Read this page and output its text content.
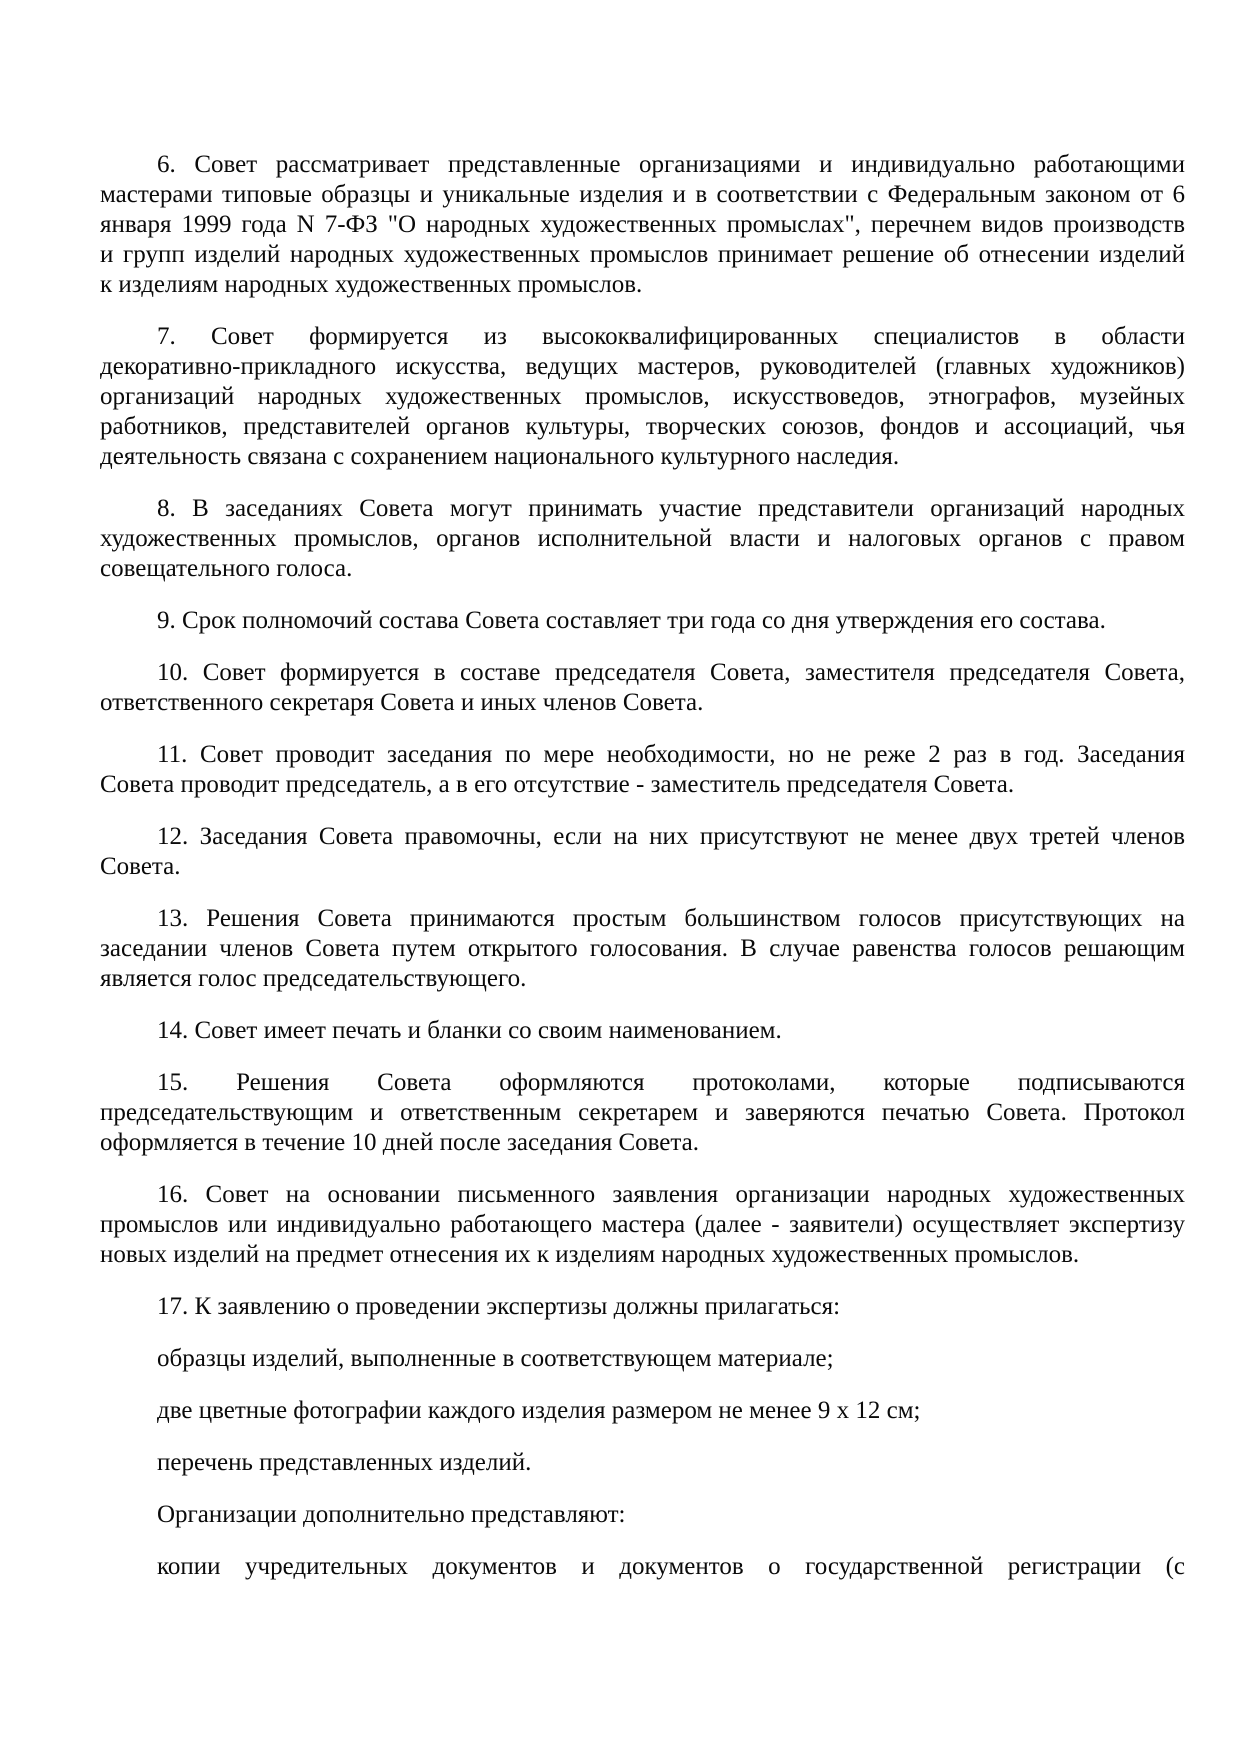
6. Совет рассматривает представленные организациями и индивидуально работающими
мастерами типовые образцы и уникальные изделия и в соответствии с Федеральным законом от 6
января 1999 года N 7-ФЗ "О народных художественных промыслах", перечнем видов производств
и групп изделий народных художественных промыслов принимает решение об отнесении изделий
к изделиям народных художественных промыслов.
7. Совет формируется из высококвалифицированных специалистов в области
декоративно-прикладного искусства, ведущих мастеров, руководителей (главных художников)
организаций народных художественных промыслов, искусствоведов, этнографов, музейных
работников, представителей органов культуры, творческих союзов, фондов и ассоциаций, чья
деятельность связана с сохранением национального культурного наследия.
8. В заседаниях Совета могут принимать участие представители организаций народных
художественных промыслов, органов исполнительной власти и налоговых органов с правом
совещательного голоса.
9. Срок полномочий состава Совета составляет три года со дня утверждения его состава.
10. Совет формируется в составе председателя Совета, заместителя председателя Совета,
ответственного секретаря Совета и иных членов Совета.
11. Совет проводит заседания по мере необходимости, но не реже 2 раз в год. Заседания
Совета проводит председатель, а в его отсутствие - заместитель председателя Совета.
12. Заседания Совета правомочны, если на них присутствуют не менее двух третей членов
Совета.
13. Решения Совета принимаются простым большинством голосов присутствующих на
заседании членов Совета путем открытого голосования. В случае равенства голосов решающим
является голос председательствующего.
14. Совет имеет печать и бланки со своим наименованием.
15. Решения Совета оформляются протоколами, которые подписываются
председательствующим и ответственным секретарем и заверяются печатью Совета. Протокол
оформляется в течение 10 дней после заседания Совета.
16. Совет на основании письменного заявления организации народных художественных
промыслов или индивидуально работающего мастера (далее - заявители) осуществляет экспертизу
новых изделий на предмет отнесения их к изделиям народных художественных промыслов.
17. К заявлению о проведении экспертизы должны прилагаться:
образцы изделий, выполненные в соответствующем материале;
две цветные фотографии каждого изделия размером не менее 9 х 12 см;
перечень представленных изделий.
Организации дополнительно представляют:
копии учредительных документов и документов о государственной регистрации (с
